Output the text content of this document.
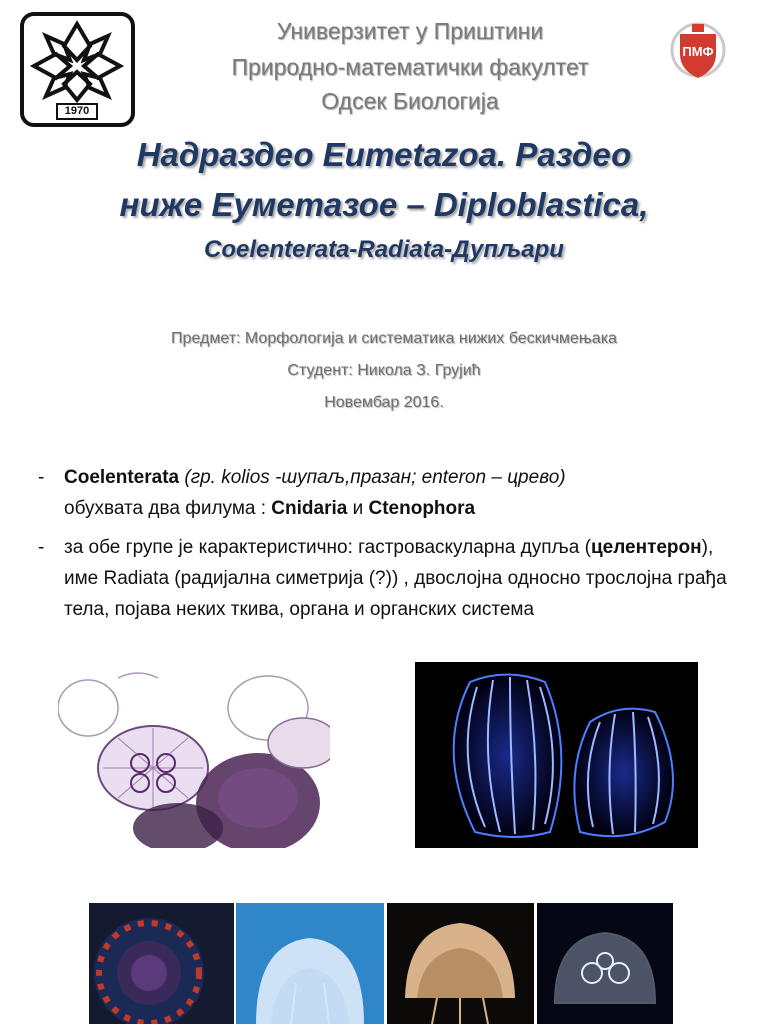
1970
ПМФ
Универзитет у Приштини
Природно-математички факултет
Одсек Биологија
Надраздео Eumetazoa. Раздео
ниже Еуметазое – Diploblastica,
Coelenterata-Radiata-Дупљари
Предмет: Морфологија и систематика нижих бескичмењака
Студент: Никола З. Грујић
Новембар 2016.
- Coelenterata (гр. kolios -шупаљ,празан; enteron – црево)
обухвата два филума : Cnidaria и Ctenophora
- за обе групе је карактеристично: гастроваскуларна дупља (целентерон), име Radiata (радијална симетрија (?)) , двослојна односно трослојна грађа тела, појава неких ткива, органа и органских система
